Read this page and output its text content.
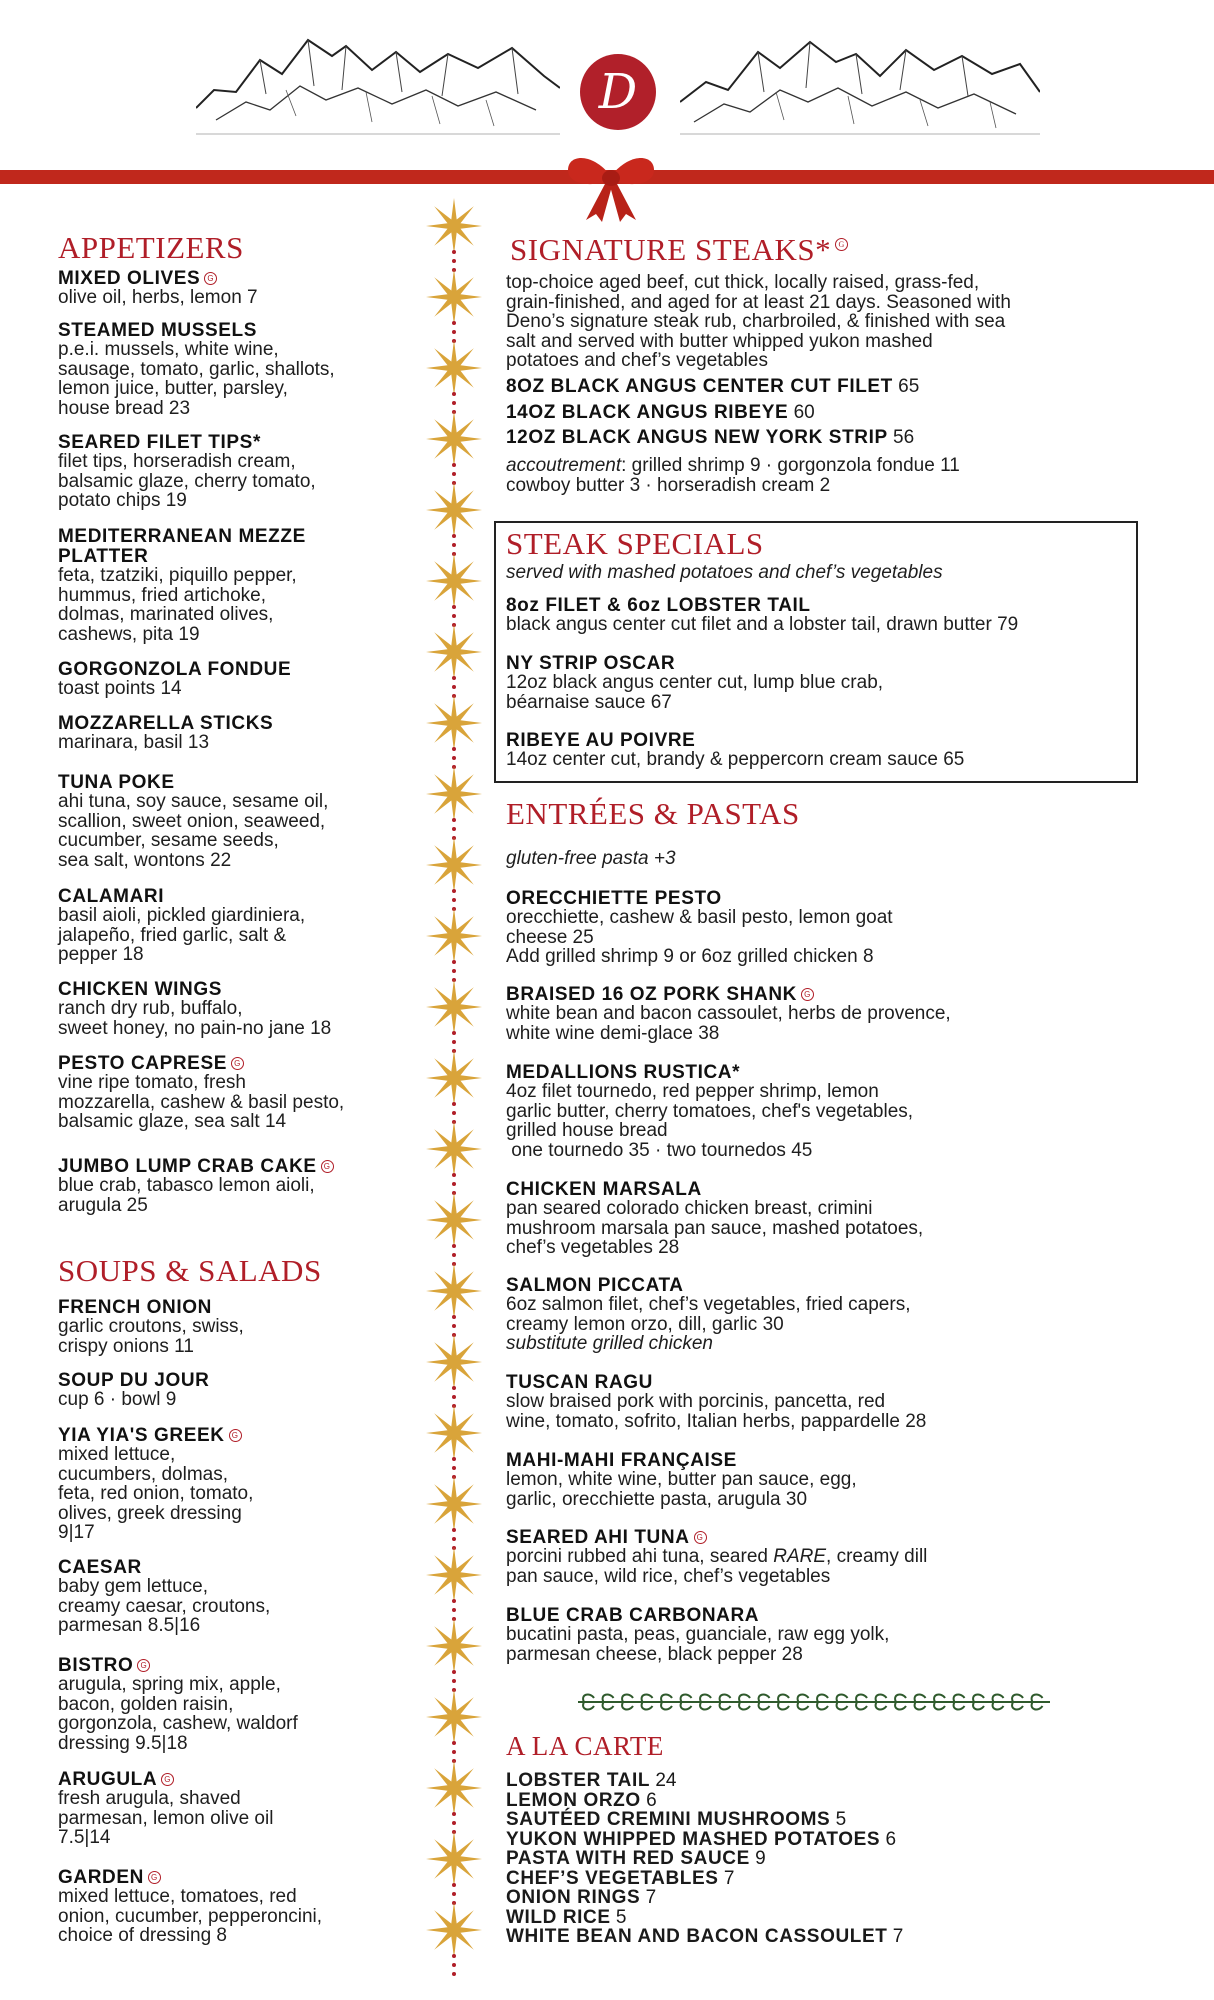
D
APPETIZERS
MIXED OLIVES G
olive oil, herbs, lemon 7
STEAMED MUSSELS
p.e.i. mussels, white wine,
sausage, tomato, garlic, shallots,
lemon juice, butter, parsley,
house bread 23
SEARED FILET TIPS*
filet tips, horseradish cream,
balsamic glaze, cherry tomato,
potato chips 19
MEDITERRANEAN MEZZE
PLATTER
feta, tzatziki, piquillo pepper,
hummus, fried artichoke,
dolmas, marinated olives,
cashews, pita 19
GORGONZOLA FONDUE
toast points 14
MOZZARELLA STICKS
marinara, basil 13
TUNA POKE
ahi tuna, soy sauce, sesame oil,
scallion, sweet onion, seaweed,
cucumber, sesame seeds,
sea salt, wontons 22
CALAMARI
basil aioli, pickled giardiniera,
jalapeño, fried garlic, salt &
pepper 18
CHICKEN WINGS
ranch dry rub, buffalo,
sweet honey, no pain-no jane 18
PESTO CAPRESE G
vine ripe tomato, fresh
mozzarella, cashew & basil pesto,
balsamic glaze, sea salt 14
JUMBO LUMP CRAB CAKE G
blue crab, tabasco lemon aioli,
arugula 25
SOUPS & SALADS
FRENCH ONION
garlic croutons, swiss,
crispy onions 11
SOUP DU JOUR
cup 6 · bowl 9
YIA YIA'S GREEK G
mixed lettuce,
cucumbers, dolmas,
feta, red onion, tomato,
olives, greek dressing
9|17
CAESAR
baby gem lettuce,
creamy caesar, croutons,
parmesan 8.5|16
BISTRO G
arugula, spring mix, apple,
bacon, golden raisin,
gorgonzola, cashew, waldorf
dressing 9.5|18
ARUGULA G
fresh arugula, shaved
parmesan, lemon olive oil
7.5|14
GARDEN G
mixed lettuce, tomatoes, red
onion, cucumber, pepperoncini,
choice of dressing 8
SIGNATURE STEAKS* G
top-choice aged beef, cut thick, locally raised, grass-fed,
grain-finished, and aged for at least 21 days. Seasoned with
Deno’s signature steak rub, charbroiled, & finished with sea
salt and served with butter whipped yukon mashed
potatoes and chef’s vegetables
8OZ BLACK ANGUS CENTER CUT FILET 65
14OZ BLACK ANGUS RIBEYE 60
12OZ BLACK ANGUS NEW YORK STRIP 56
accoutrement: grilled shrimp 9 · gorgonzola fondue 11
cowboy butter 3 · horseradish cream 2
STEAK SPECIALS
served with mashed potatoes and chef’s vegetables
8oz FILET & 6oz LOBSTER TAIL
black angus center cut filet and a lobster tail, drawn butter 79
NY STRIP OSCAR
12oz black angus center cut, lump blue crab,
béarnaise sauce 67
RIBEYE AU POIVRE
14oz center cut, brandy & peppercorn cream sauce 65
ENTRÉES & PASTAS
gluten-free pasta +3
ORECCHIETTE PESTO
orecchiette, cashew & basil pesto, lemon goat
cheese 25
Add grilled shrimp 9 or 6oz grilled chicken 8
BRAISED 16 OZ PORK SHANK G
white bean and bacon cassoulet, herbs de provence,
white wine demi-glace 38
MEDALLIONS RUSTICA*
4oz filet tournedo, red pepper shrimp, lemon
garlic butter, cherry tomatoes, chef's vegetables,
grilled house bread
one tournedo 35 · two tournedos 45
CHICKEN MARSALA
pan seared colorado chicken breast, crimini
mushroom marsala pan sauce, mashed potatoes,
chef’s vegetables 28
SALMON PICCATA
6oz salmon filet, chef’s vegetables, fried capers,
creamy lemon orzo, dill, garlic 30
substitute grilled chicken
TUSCAN RAGU
slow braised pork with porcinis, pancetta, red
wine, tomato, sofrito, Italian herbs, pappardelle 28
MAHI-MAHI FRANÇAISE
lemon, white wine, butter pan sauce, egg,
garlic, orecchiette pasta, arugula 30
SEARED AHI TUNA G
porcini rubbed ahi tuna, seared RARE, creamy dill
pan sauce, wild rice, chef’s vegetables
BLUE CRAB CARBONARA
bucatini pasta, peas, guanciale, raw egg yolk,
parmesan cheese, black pepper 28
A LA CARTE
LOBSTER TAIL 24
LEMON ORZO 6
SAUTÉED CREMINI MUSHROOMS 5
YUKON WHIPPED MASHED POTATOES 6
PASTA WITH RED SAUCE 9
CHEF’S VEGETABLES 7
ONION RINGS 7
WILD RICE 5
WHITE BEAN AND BACON CASSOULET 7
